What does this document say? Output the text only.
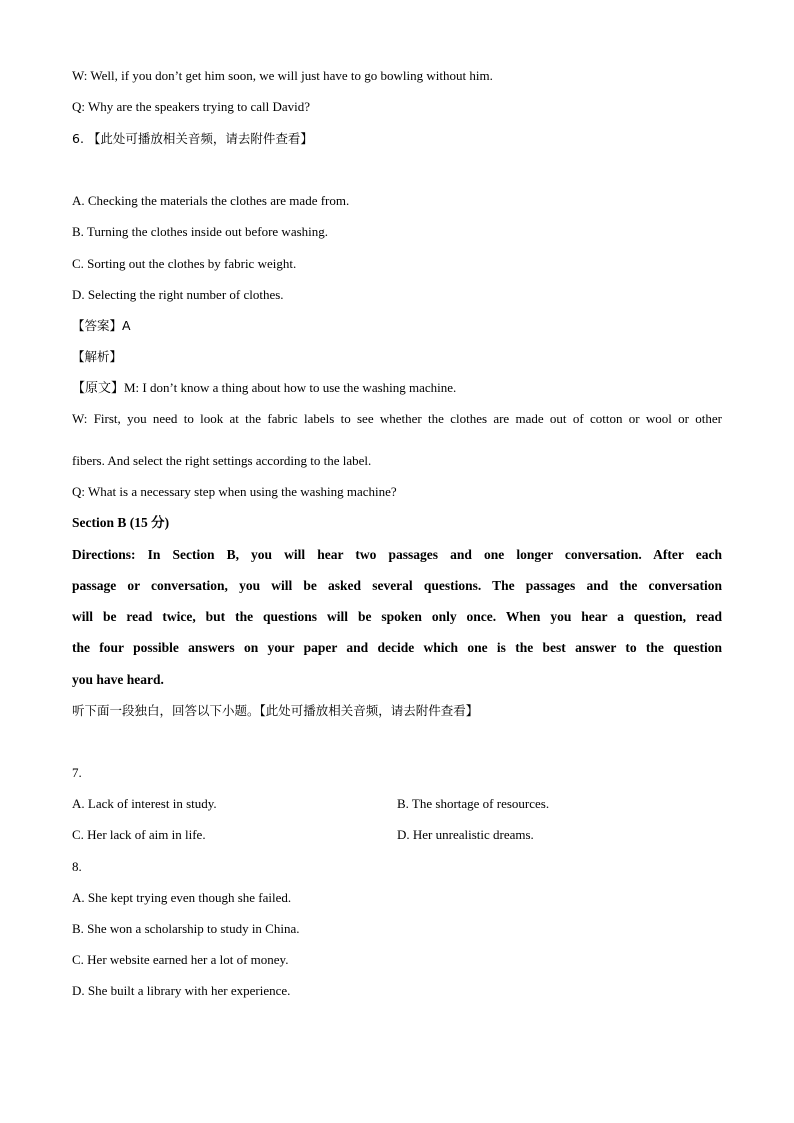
W: Well, if you don’t get him soon, we will just have to go bowling without him.
Q: Why are the speakers trying to call David?
6. 【此处可播放相关音频，请去附件查看】
A. Checking the materials the clothes are made from.
B. Turning the clothes inside out before washing.
C. Sorting out the clothes by fabric weight.
D. Selecting the right number of clothes.
【答案】A
【解析】
【原文】M: I don’t know a thing about how to use the washing machine.
W: First, you need to look at the fabric labels to see whether the clothes are made out of cotton or wool or other
fibers. And select the right settings according to the label.
Q: What is a necessary step when using the washing machine?
Section B (15 分)
Directions: In Section B, you will hear two passages and one longer conversation. After each
passage or conversation, you will be asked several questions. The passages and the conversation
will be read twice, but the questions will be spoken only once. When you hear a question, read
the four possible answers on your paper and decide which one is the best answer to the question
you have heard.
听下面一段独白，回答以下小题。【此处可播放相关音频，请去附件查看】
7.
A. Lack of interest in study.	B. The shortage of resources.
C. Her lack of aim in life.	D. Her unrealistic dreams.
8.
A. She kept trying even though she failed.
B. She won a scholarship to study in China.
C. Her website earned her a lot of money.
D. She built a library with her experience.
